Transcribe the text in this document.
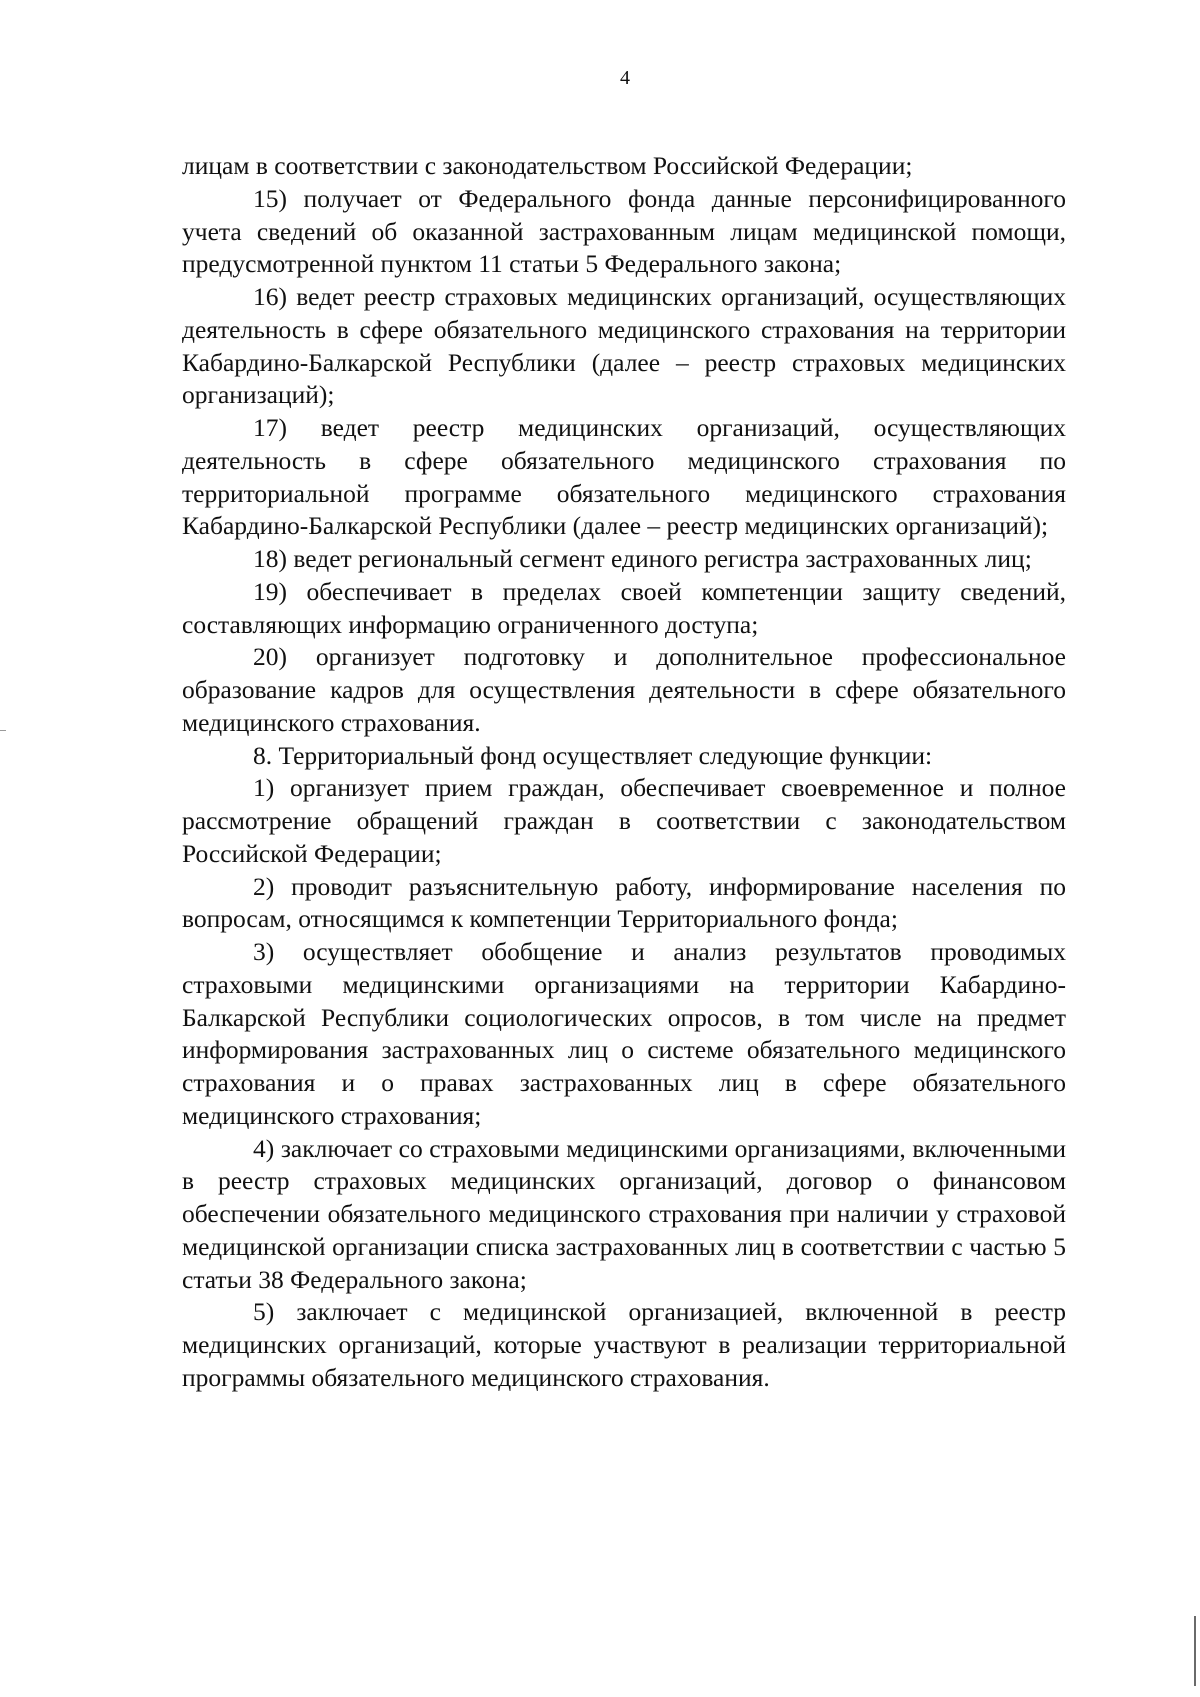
4

лицам в соответствии с законодательством Российской Федерации;

15) получает от Федерального фонда данные персонифицированного учета сведений об оказанной застрахованным лицам медицинской помощи, предусмотренной пунктом 11 статьи 5 Федерального закона;

16) ведет реестр страховых медицинских организаций, осуществляющих деятельность в сфере обязательного медицинского страхования на территории Кабардино-Балкарской Республики (далее – реестр страховых медицинских организаций);

17) ведет реестр медицинских организаций, осуществляющих деятельность в сфере обязательного медицинского страхования по территориальной программе обязательного медицинского страхования Кабардино-Балкарской Республики (далее – реестр медицинских организаций);

18) ведет региональный сегмент единого регистра застрахованных лиц;

19) обеспечивает в пределах своей компетенции защиту сведений, составляющих информацию ограниченного доступа;

20) организует подготовку и дополнительное профессиональное образование кадров для осуществления деятельности в сфере обязательного медицинского страхования.

8. Территориальный фонд осуществляет следующие функции:

1) организует прием граждан, обеспечивает своевременное и полное рассмотрение обращений граждан в соответствии с законодательством Российской Федерации;

2) проводит разъяснительную работу, информирование населения по вопросам, относящимся к компетенции Территориального фонда;

3) осуществляет обобщение и анализ результатов проводимых страховыми медицинскими организациями на территории Кабардино-Балкарской Республики социологических опросов, в том числе на предмет информирования застрахованных лиц о системе обязательного медицинского страхования и о правах застрахованных лиц в сфере обязательного медицинского страхования;

4) заключает со страховыми медицинскими организациями, включенными в реестр страховых медицинских организаций, договор о финансовом обеспечении обязательного медицинского страхования при наличии у страховой медицинской организации списка застрахованных лиц в соответствии с частью 5 статьи 38 Федерального закона;

5) заключает с медицинской организацией, включенной в реестр медицинских организаций, которые участвуют в реализации территориальной программы обязательного медицинского страхования.
